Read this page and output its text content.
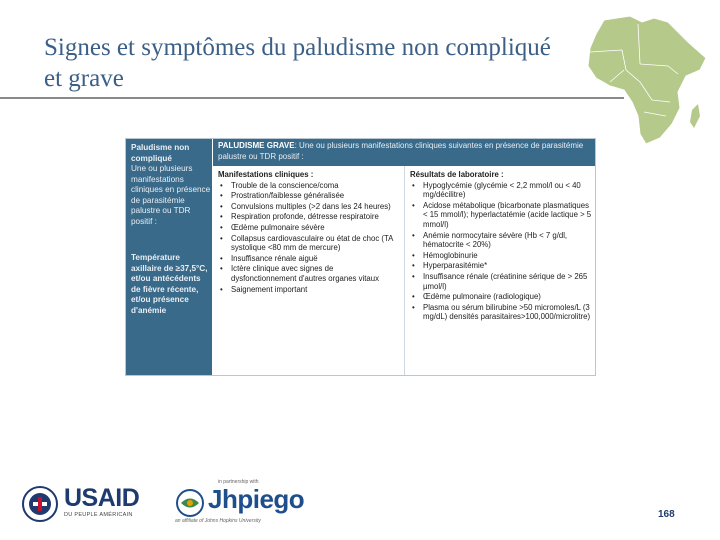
Signes et symptômes du paludisme non compliqué et grave
Paludisme non compliqué
Une ou plusieurs manifestations cliniques en présence de parasitémie palustre ou TDR positif :
Température axillaire de ≥37,5°C, et/ou antécédents de fièvre récente, et/ou présence d'anémie
PALUDISME GRAVE: Une ou plusieurs manifestations cliniques suivantes en présence de parasitémie palustre ou TDR positif :
Manifestations cliniques :
• Trouble de la conscience/coma
• Prostration/faiblesse généralisée
• Convulsions multiples (>2 dans les 24 heures)
• Respiration profonde, détresse respiratoire
• Œdème pulmonaire sévère
• Collapsus cardiovasculaire ou état de choc (TA systolique <80 mm de mercure)
• Insuffisance rénale aiguë
• Ictère clinique avec signes de dysfonctionnement d'autres organes vitaux
• Saignement important
Résultats de laboratoire :
• Hypoglycémie (glycémie < 2,2 mmol/l ou < 40 mg/décilitre)
• Acidose métabolique (bicarbonate plasmatiques < 15 mmol/l); hyperlactatémie (acide lactique > 5 mmol/l)
• Anémie normocytaire sévère (Hb < 7 g/dl, hématocrite < 20%)
• Hémoglobinurie
• Hyperparasitémie*
• Insuffisance rénale (créatinine sérique de > 265 µmol/l)
• Œdème pulmonaire (radiologique)
• Plasma ou sérum bilirubine >50 micromoles/L (3 mg/dL) densités parasitaires>100,000/microlitre)
USAID
DU PEUPLE AMÉRICAIN
in partnership with
Jhpiego
an affiliate of Johns Hopkins University
168
